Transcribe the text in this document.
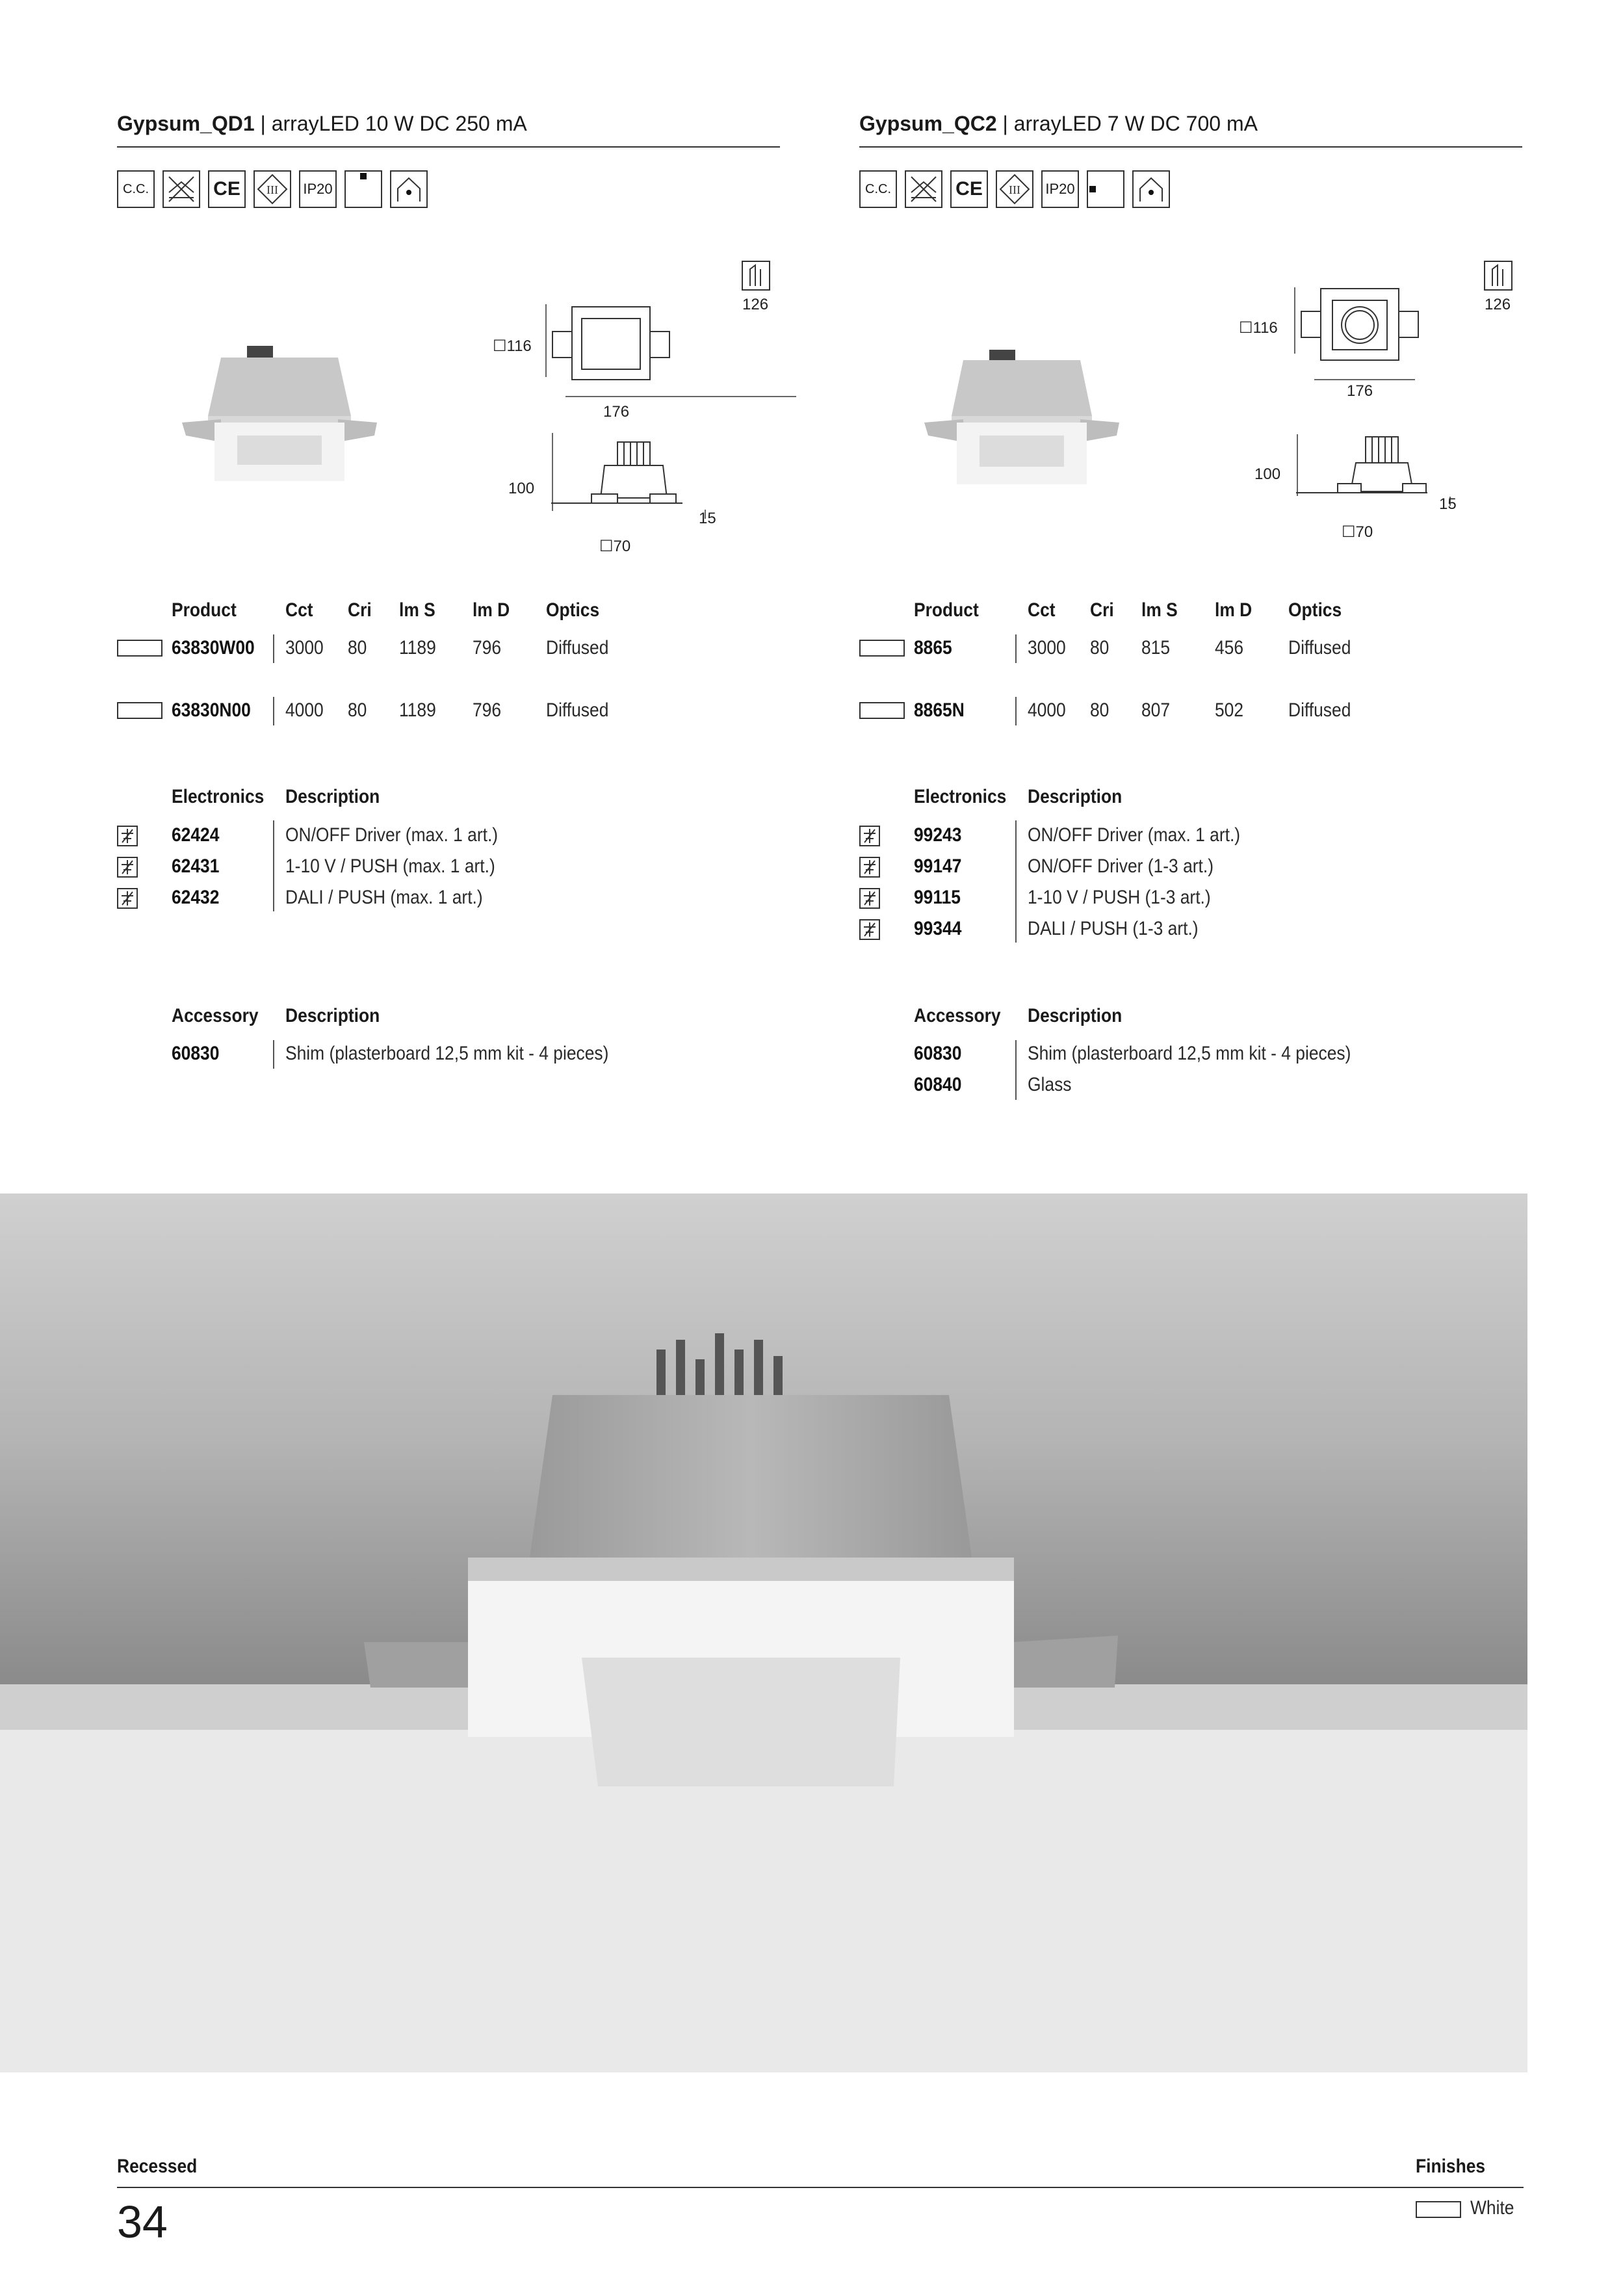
Gypsum_QD1 | arrayLED 10 W DC 250 mA
C.C.	CE	III IP20
126
☐116
176
100
15
☐70
Product	Cct Cri lm S lm D Optics
63830W00 3000 80 1189 796 Diffused
63830N00 4000 80 1189 796 Diffused
Electronics Description
62424	ON/OFF Driver (max. 1 art.)
62431	1-10 V / PUSH (max. 1 art.)
62432	DALI / PUSH (max. 1 art.)
Accessory Description
60830	Shim (plasterboard 12,5 mm kit - 4 pieces)
Gypsum_QC2 | arrayLED 7 W DC 700 mA
C.C.	CE	III IP20
126
☐116
176
100
15
☐70
Product	Cct Cri lm S lm D Optics
8865	3000 80 815 456 Diffused
8865N	4000 80 807 502 Diffused
Electronics Description
99243	ON/OFF Driver (max. 1 art.)
99147	ON/OFF Driver (1-3 art.)
99115	1-10 V / PUSH (1-3 art.)
99344	DALI / PUSH (1-3 art.)
Accessory Description
60830	Shim (plasterboard 12,5 mm kit - 4 pieces)
60840	Glass
Recessed	Finishes
34	White
